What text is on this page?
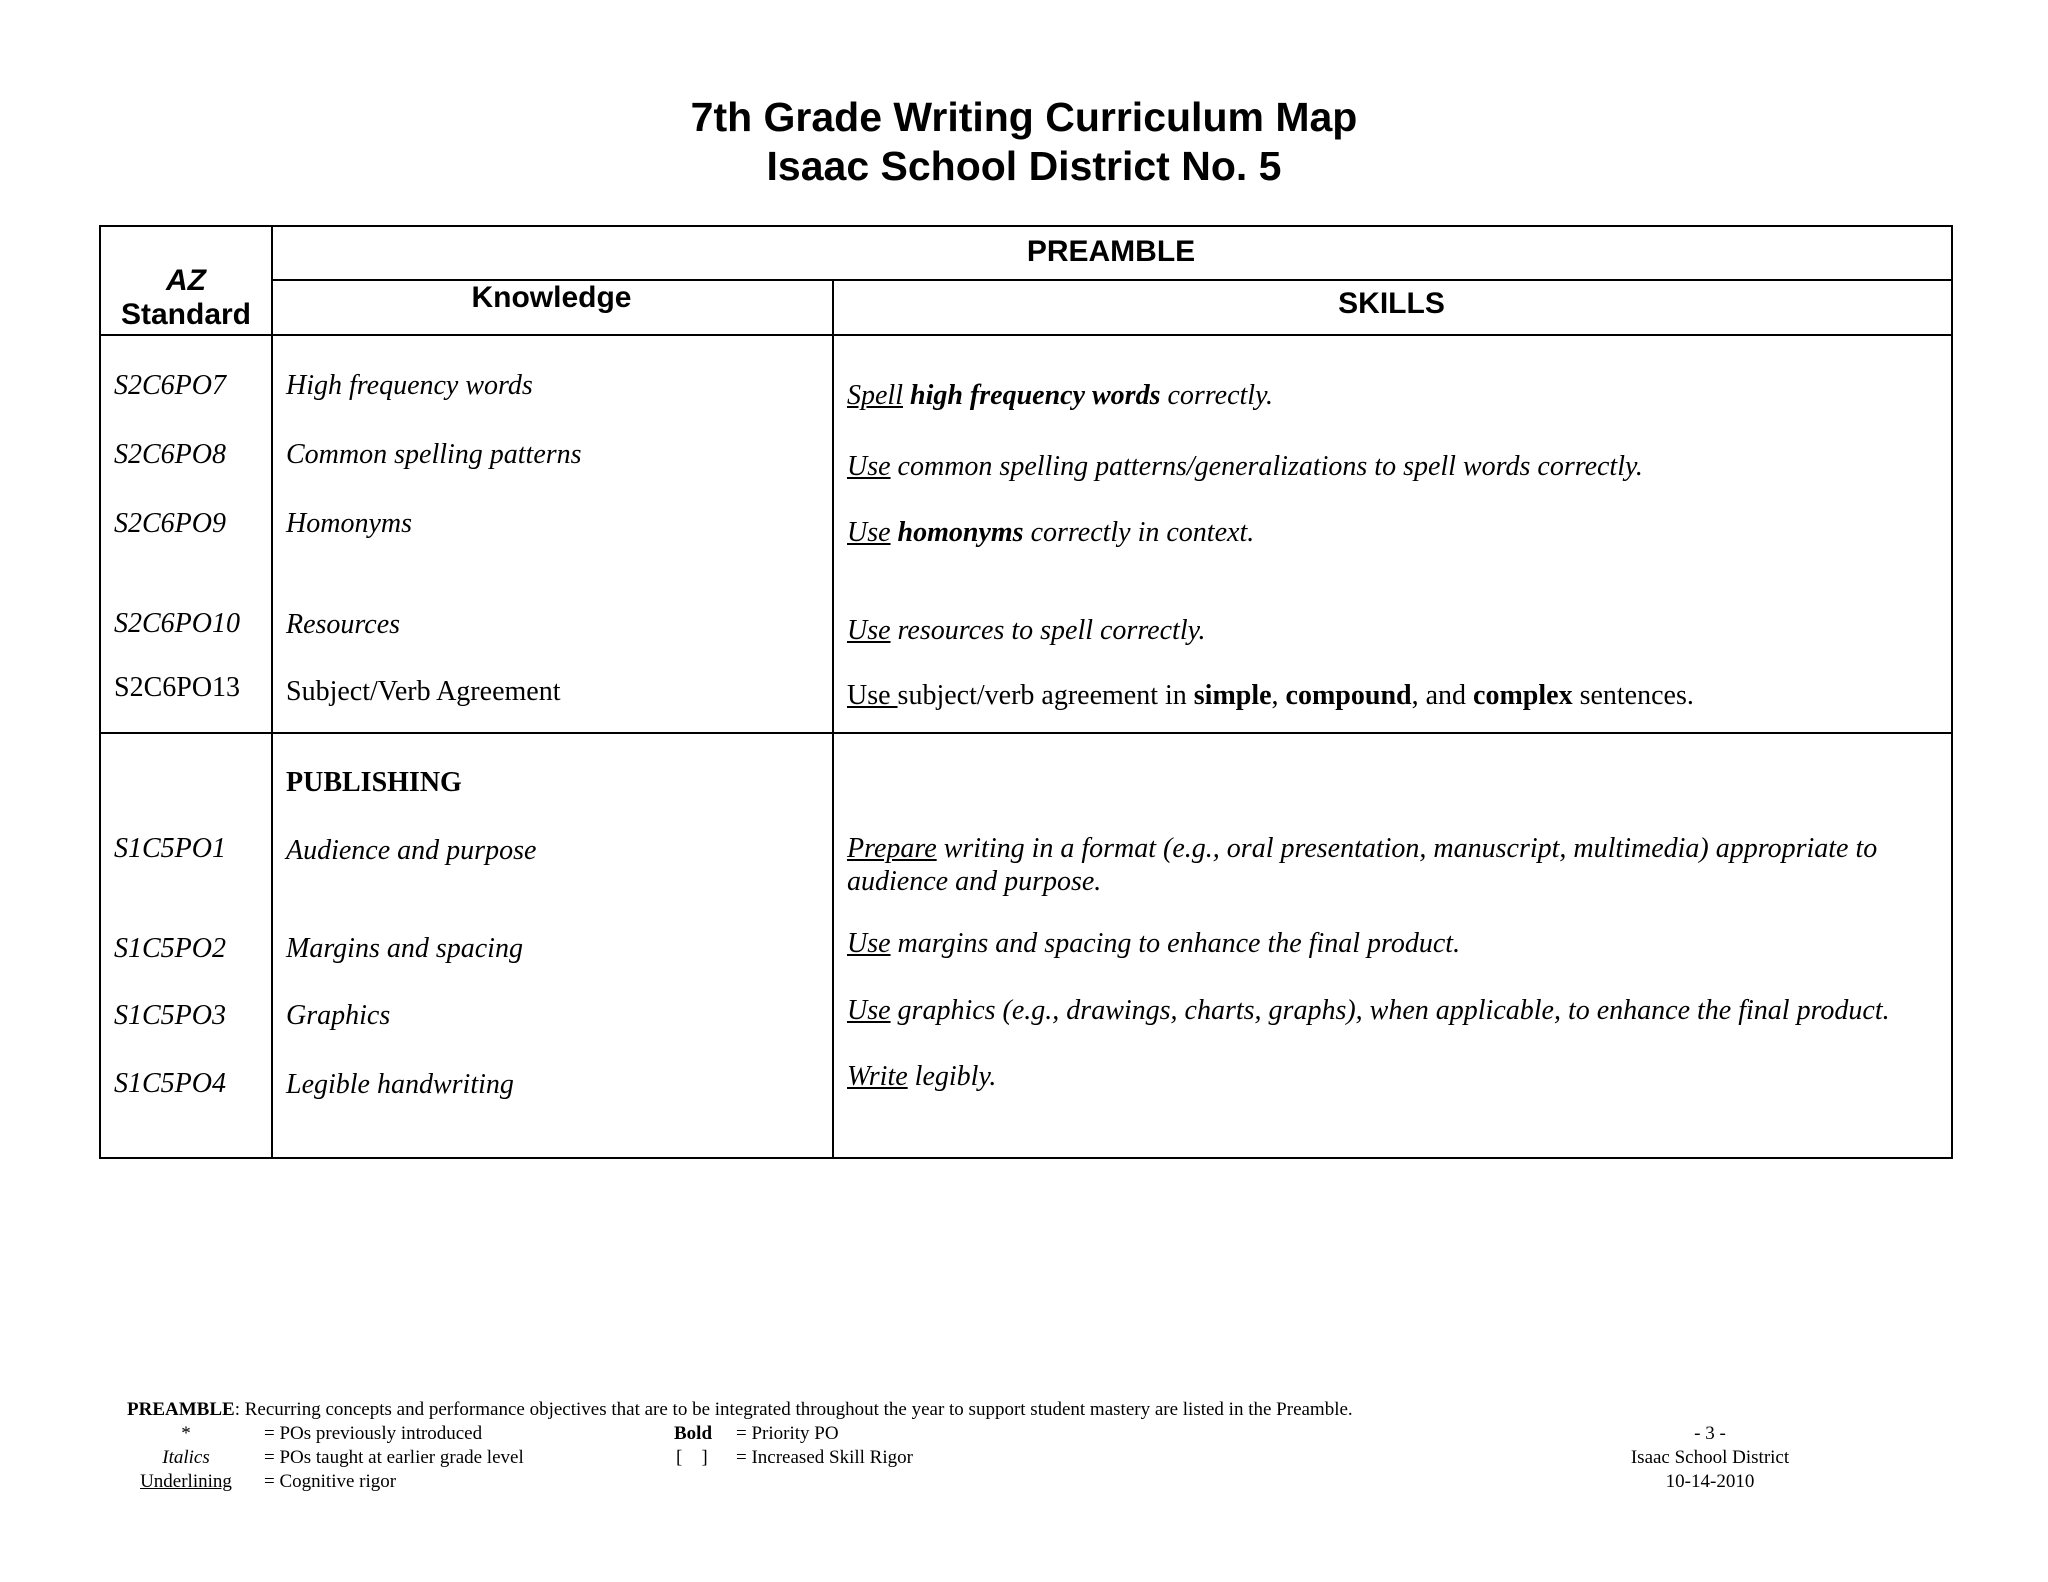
7th Grade Writing Curriculum Map
Isaac School District No. 5
AZ
Standard
PREAMBLE
Knowledge	SKILLS
S2C6PO7 High frequency words	Spell high frequency words correctly.
S2C6PO8 Common spelling patterns	Use common spelling patterns/generalizations to spell words correctly.
S2C6PO9 Homonyms	Use homonyms correctly in context.
S2C6PO10 Resources	Use resources to spell correctly.
S2C6PO13 Subject/Verb Agreement	Use subject/verb agreement in simple, compound, and complex sentences.
PUBLISHING
S1C5PO1 Audience and purpose	Prepare writing in a format (e.g., oral presentation, manuscript, multimedia) appropriate to audience and purpose.
S1C5PO2 Margins and spacing	Use margins and spacing to enhance the final product.
S1C5PO3 Graphics	Use graphics (e.g., drawings, charts, graphs), when applicable, to enhance the final product.
S1C5PO4 Legible handwriting	Write legibly.
PREAMBLE: Recurring concepts and performance objectives that are to be integrated throughout the year to support student mastery are listed in the Preamble.
*	= POs previously introduced
Italics	= POs taught at earlier grade level
Underlining	= Cognitive rigor
Bold = Priority PO
[    ] = Increased Skill Rigor
- 3 -
Isaac School District
10-14-2010
